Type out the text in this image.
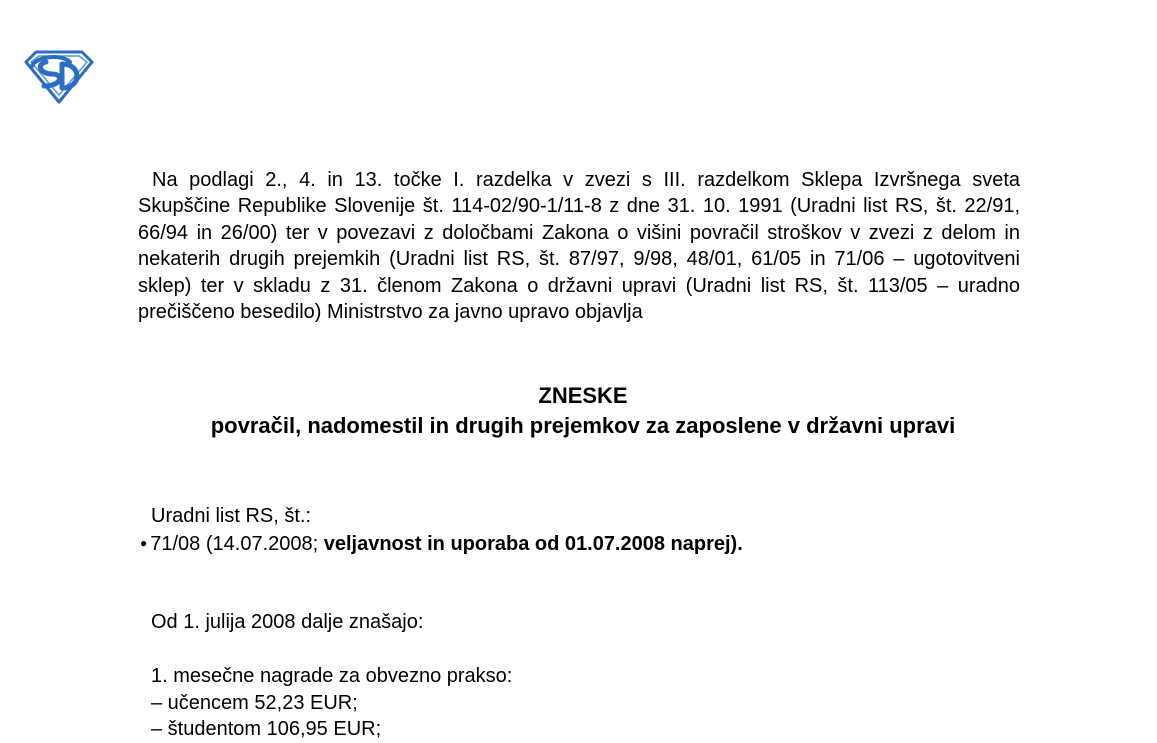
Na podlagi 2., 4. in 13. točke I. razdelka v zvezi s III. razdelkom Sklepa Izvršnega sveta Skupščine Republike Slovenije št. 114-02/90-1/11-8 z dne 31. 10. 1991 (Uradni list RS, št. 22/91, 66/94 in 26/00) ter v povezavi z določbami Zakona o višini povračil stroškov v zvezi z delom in nekaterih drugih prejemkih (Uradni list RS, št. 87/97, 9/98, 48/01, 61/05 in 71/06 – ugotovitveni sklep) ter v skladu z 31. členom Zakona o državni upravi (Uradni list RS, št. 113/05 – uradno prečiščeno besedilo) Ministrstvo za javno upravo objavlja

ZNESKE
povračil, nadomestil in drugih prejemkov za zaposlene v državni upravi

Uradni list RS, št.:

● 71/08 (14.07.2008; veljavnost in uporaba od 01.07.2008 naprej).

Od 1. julija 2008 dalje znašajo:

1. mesečne nagrade za obvezno prakso:
– učencem 52,23 EUR;
– študentom 106,95 EUR;
